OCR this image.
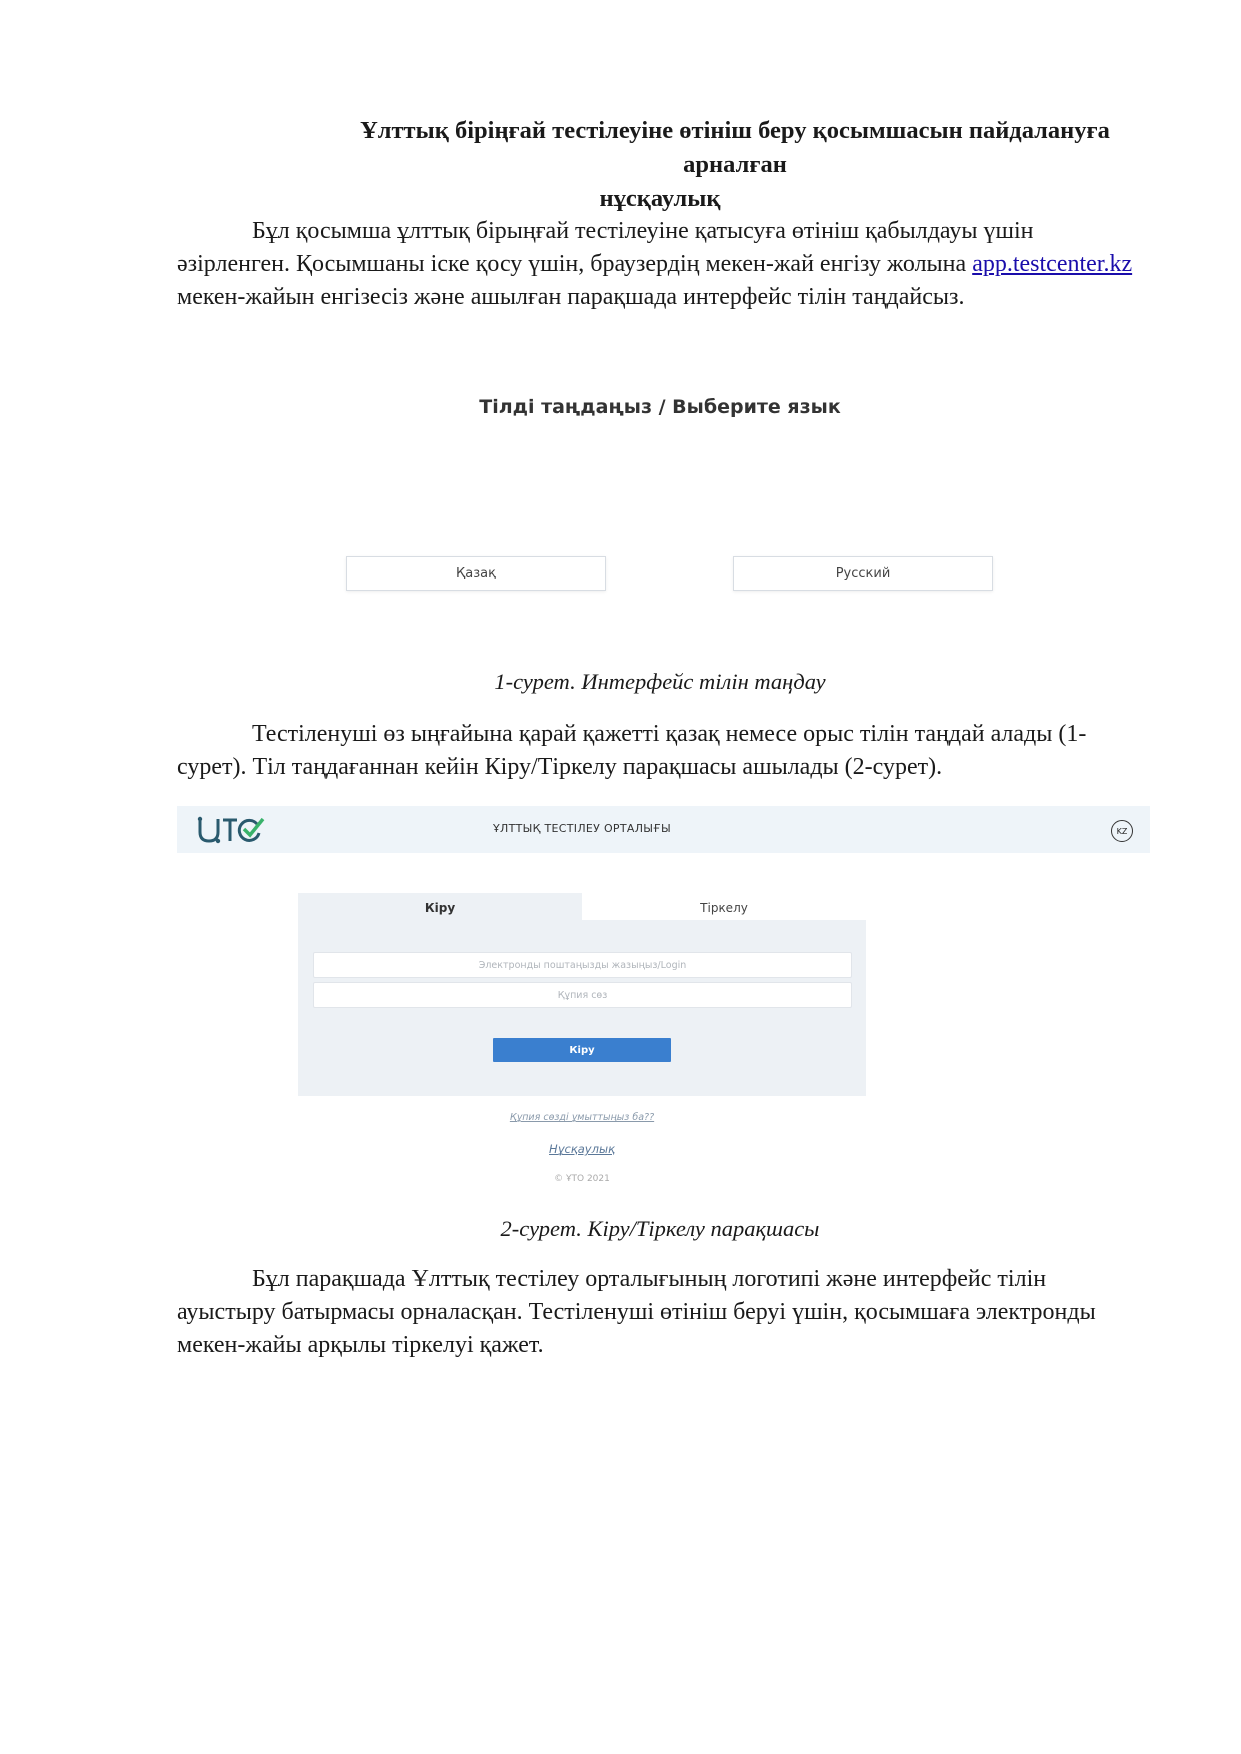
Ұлттық бірiңғай тестілеуіне өтініш беру қосымшасын пайдалануға арналған
нұсқаулық
Бұл қосымша ұлттық бірыңғай тестілеуіне қатысуға өтініш қабылдауы үшін әзірленген. Қосымшаны іске қосу үшін, браузердің мекен-жай енгізу жолына app.testcenter.kz мекен-жайын енгізесіз және ашылған парақшада интерфейс тілін таңдайсыз.
Тілді таңдаңыз / Выберите язык
Қазақ	Русский
1-сурет. Интерфейс тілін таңдау
Тестіленуші өз ыңғайына қарай қажетті қазақ немесе орыс тілін таңдай алады (1-сурет). Тіл таңдағаннан кейін Кіру/Тіркелу парақшасы ашылады (2-сурет).
ҰЛТТЫҚ ТЕСТІЛЕУ ОРТАЛЫҒЫ	KZ
Кіру	Тіркелу
Электронды поштаңызды жазыңыз/Login
Құпия сөз
Кіру
Құпия сөзді ұмыттыңыз ба??
Нұсқаулық
© ҰТО 2021
2-сурет. Кіру/Тіркелу парақшасы
Бұл парақшада Ұлттық тестілеу орталығының логотипі және интерфейс тілін ауыстыру батырмасы орналасқан. Тестіленуші өтініш беруі үшін, қосымшаға электронды мекен-жайы арқылы тіркелуі қажет.
